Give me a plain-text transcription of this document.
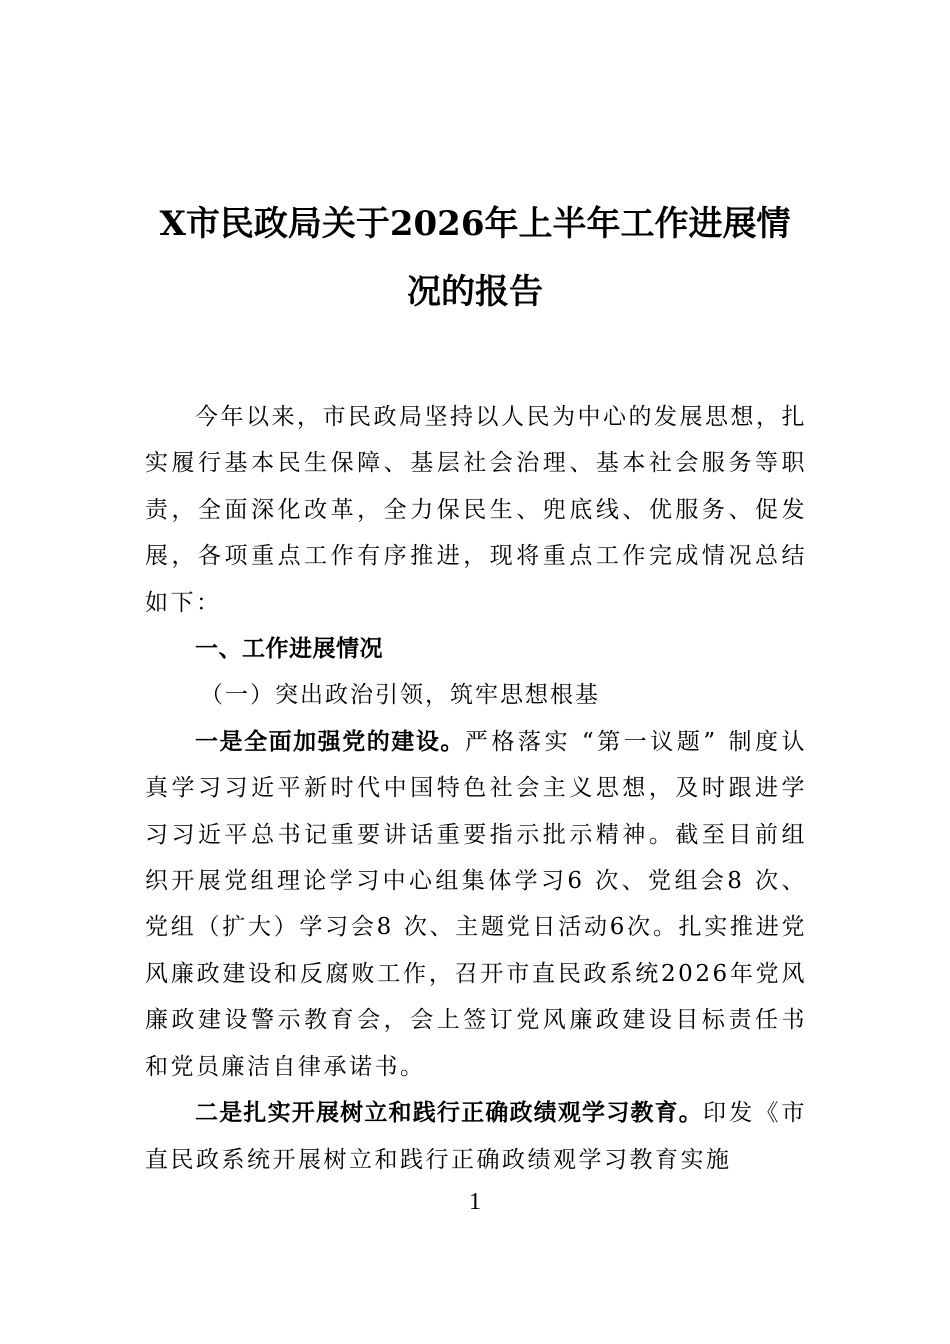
X市民政局关于2026年上半年工作进展情
况的报告

今年以来，市民政局坚持以人民为中心的发展思想，扎实履行基本民生保障、基层社会治理、基本社会服务等职责，全面深化改革，全力保民生、兜底线、优服务、促发展，各项重点工作有序推进，现将重点工作完成情况总结如下：

一、工作进展情况

（一）突出政治引领，筑牢思想根基

一是全面加强党的建设。严格落实 “第一议题” 制度认真学习习近平新时代中国特色社会主义思想，及时跟进学习习近平总书记重要讲话重要指示批示精神。截至目前组织开展党组理论学习中心组集体学习6 次、党组会8 次、党组（扩大）学习会8 次、主题党日活动6次。扎实推进党风廉政建设和反腐败工作，召开市直民政系统2026年党风廉政建设警示教育会，会上签订党风廉政建设目标责任书和党员廉洁自律承诺书。

二是扎实开展树立和践行正确政绩观学习教育。印发《市直民政系统开展树立和践行正确政绩观学习教育实施

1
